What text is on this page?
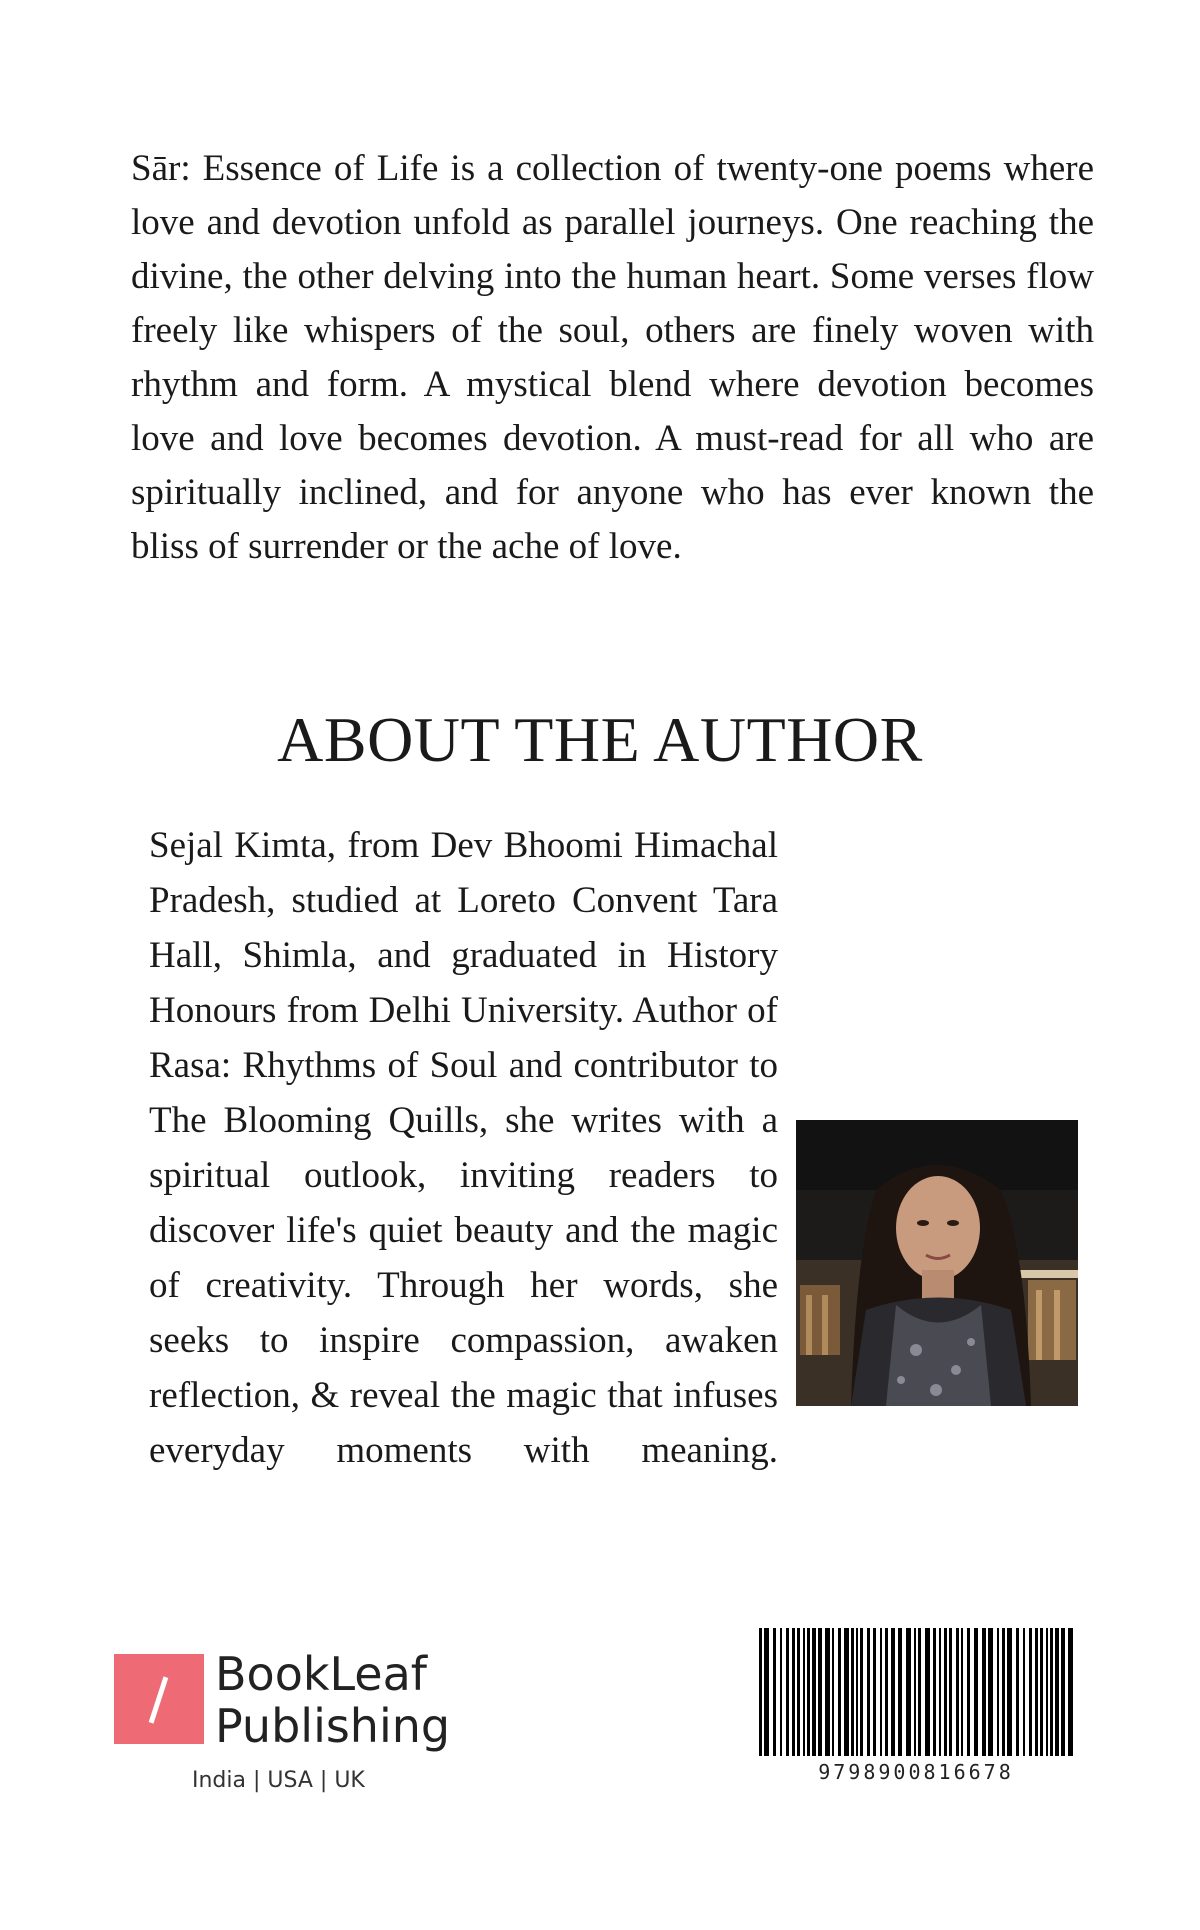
Sār: Essence of Life is a collection of twenty-one poems where love and devotion unfold as parallel journeys. One reaching the divine, the other delving into the human heart. Some verses flow freely like whispers of the soul, others are finely woven with rhythm and form. A mystical blend where devotion becomes love and love becomes devotion. A must-read for all who are spiritually inclined, and for anyone who has ever known the bliss of surrender or the ache of love.

ABOUT THE AUTHOR

Sejal Kimta, from Dev Bhoomi Himachal Pradesh, studied at Loreto Convent Tara Hall, Shimla, and graduated in History Honours from Delhi University. Author of Rasa: Rhythms of Soul and contributor to The Blooming Quills, she writes with a spiritual outlook, inviting readers to discover life's quiet beauty and the magic of creativity. Through her words, she seeks to inspire compassion, awaken reflection, & reveal the magic that infuses everyday moments with meaning.

BookLeaf
Publishing
India | USA | UK	9798900816678
